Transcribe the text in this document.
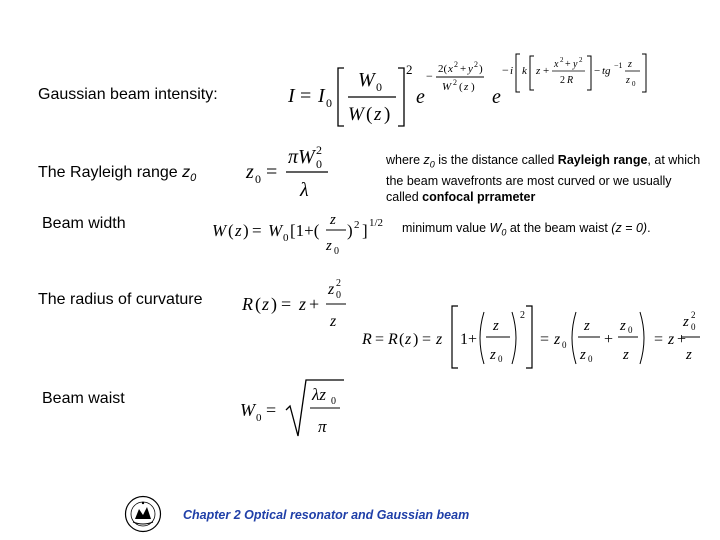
Gaussian beam intensity:
The Rayleigh range $z_0$
Beam width
The radius of curvature
Beam waist
where $z_0$ is the distance called Rayleigh range, at which the beam wavefronts are most curved or we usually called confocal prrameter
minimum value $W_0$ at the beam waist (z = 0).
I = I 0
W 0
W ( z )
2
e
− 2( x 2 + y 2 )
W 2 ( z ) e
− i k z +
x 2 + y 2
2 R
− tg −1 z
z 0
z 0 =
πW 2
0
λ
W ( z ) = W 0 [1+(
z
z 0
) 2 ] 1/2
R ( z ) = z +
z 2
0
z
R = R ( z ) = z 1+
z
z 0
2
= z 0
z
z 0
+
z 0
z
= z +
z 2
0
z
W 0 =
λz 0
π
Chapter 2 Optical resonator and Gaussian beam
